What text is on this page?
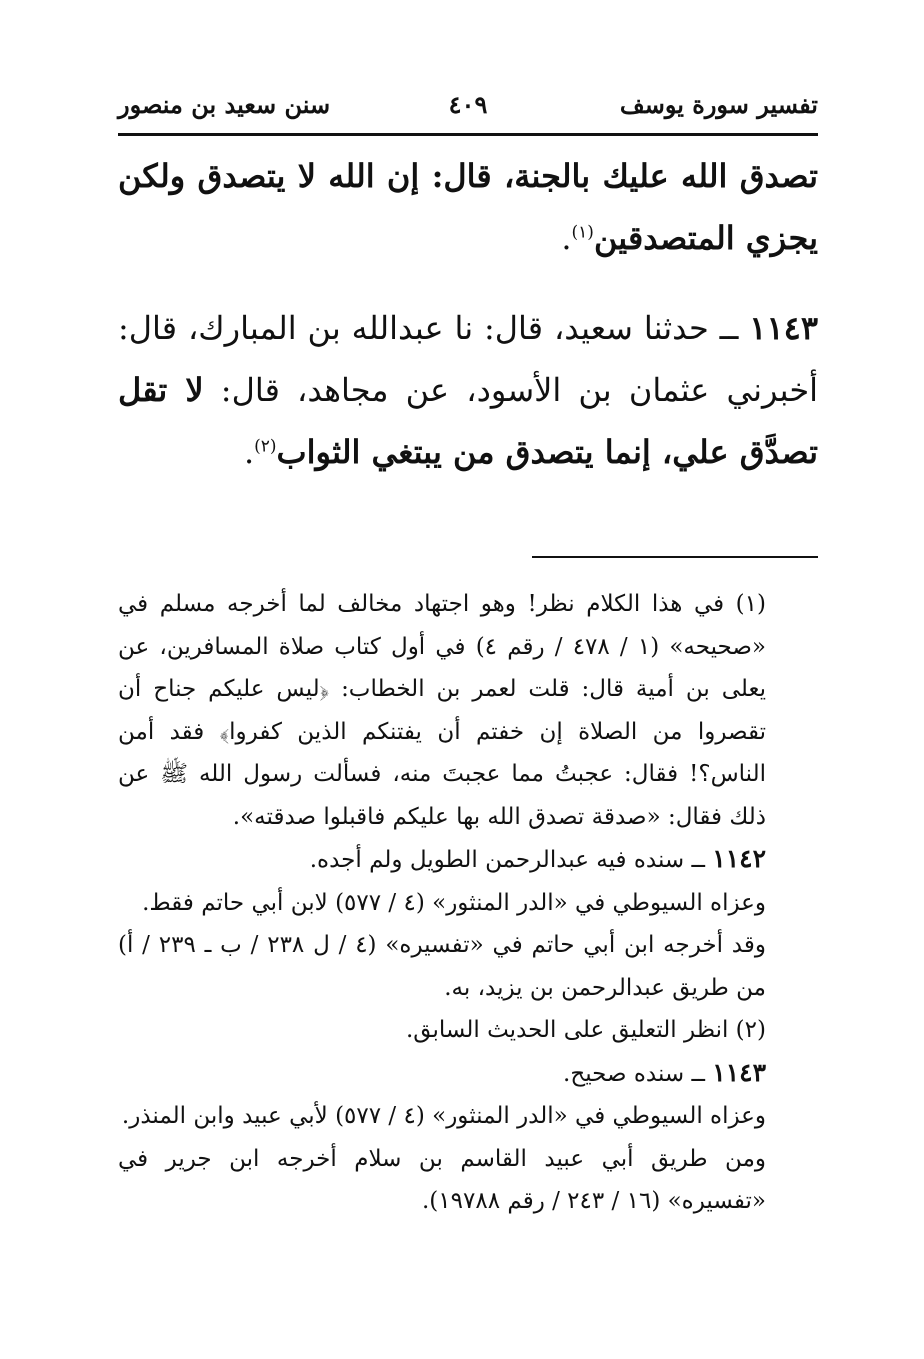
تفسير سورة يوسف
٤٠٩
سنن سعيد بن منصور

تصدق الله عليك بالجنة، قال: إن الله لا يتصدق ولكن يجزي المتصدقين$^{(١)}$.

١١٤٣ ــ حدثنا سعيد، قال: نا عبدالله بن المبارك، قال: أخبرني عثمان بن الأسود، عن مجاهد، قال: لا تقل تصدَّق علي، إنما يتصدق من يبتغي الثواب$^{(٢)}$.

(١) في هذا الكلام نظر! وهو اجتهاد مخالف لما أخرجه مسلم في «صحيحه» (١ / ٤٧٨ / رقم ٤) في أول كتاب صلاة المسافرين، عن يعلى بن أمية قال: قلت لعمر بن الخطاب: ﴿ليس عليكم جناح أن تقصروا من الصلاة إن خفتم أن يفتنكم الذين كفروا﴾ فقد أمن الناس؟! فقال: عجبتُ مما عجبتَ منه، فسألت رسول الله ﷺ عن ذلك فقال: «صدقة تصدق الله بها عليكم فاقبلوا صدقته».

١١٤٢ ــ سنده فيه عبدالرحمن الطويل ولم أجده.

وعزاه السيوطي في «الدر المنثور» (٤ / ٥٧٧) لابن أبي حاتم فقط.

وقد أخرجه ابن أبي حاتم في «تفسيره» (٤ / ل ٢٣٨ / ب ـ ٢٣٩ / أ) من طريق عبدالرحمن بن يزيد، به.

(٢) انظر التعليق على الحديث السابق.

١١٤٣ ــ سنده صحيح.

وعزاه السيوطي في «الدر المنثور» (٤ / ٥٧٧) لأبي عبيد وابن المنذر.

ومن طريق أبي عبيد القاسم بن سلام أخرجه ابن جرير في «تفسيره» (١٦ / ٢٤٣ / رقم ١٩٧٨٨).
